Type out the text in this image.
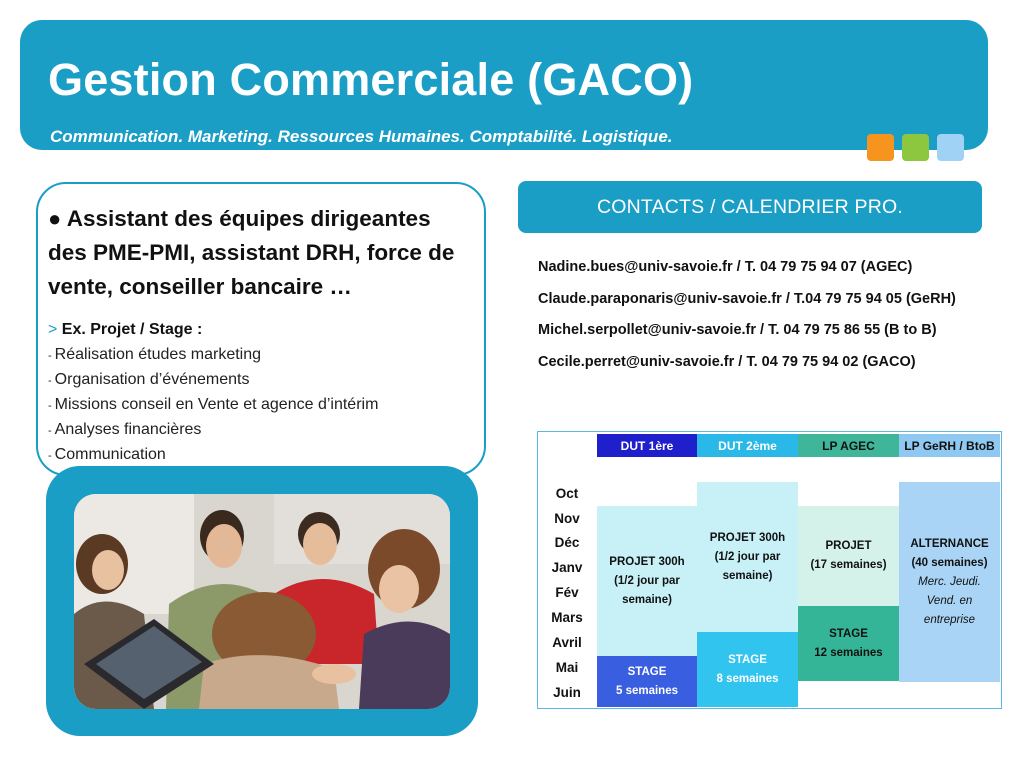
Gestion Commerciale (GACO)
Communication. Marketing. Ressources Humaines. Comptabilité. Logistique.

● Assistant des équipes dirigeantes des PME-PMI, assistant DRH, force de vente, conseiller bancaire …

> Ex. Projet / Stage :
- Réalisation études marketing
- Organisation d’événements
- Missions conseil en Vente et agence d’intérim
- Analyses financières
- Communication
CONTACTS / CALENDRIER PRO.
Nadine.bues@univ-savoie.fr / T. 04 79 75 94 07 (AGEC)
Claude.paraponaris@univ-savoie.fr / T.04 79 75 94 05 (GeRH)
Michel.serpollet@univ-savoie.fr / T. 04 79 75 86 55 (B to B)
Cecile.perret@univ-savoie.fr / T. 04 79 75 94 02 (GACO)
DUT 1ère	DUT 2ème	LP AGEC LP GeRH / BtoB
Oct
Nov
Déc
Janv
Fév
Mars
Avril
Mai
Juin
PROJET 300h
(1/2 jour par
semaine)
STAGE
5 semaines
PROJET 300h
(1/2 jour par
semaine)
STAGE
8 semaines
PROJET
(17 semaines)
STAGE
12 semaines
ALTERNANCE
(40 semaines)
Merc. Jeudi.
Vend. en
entreprise
